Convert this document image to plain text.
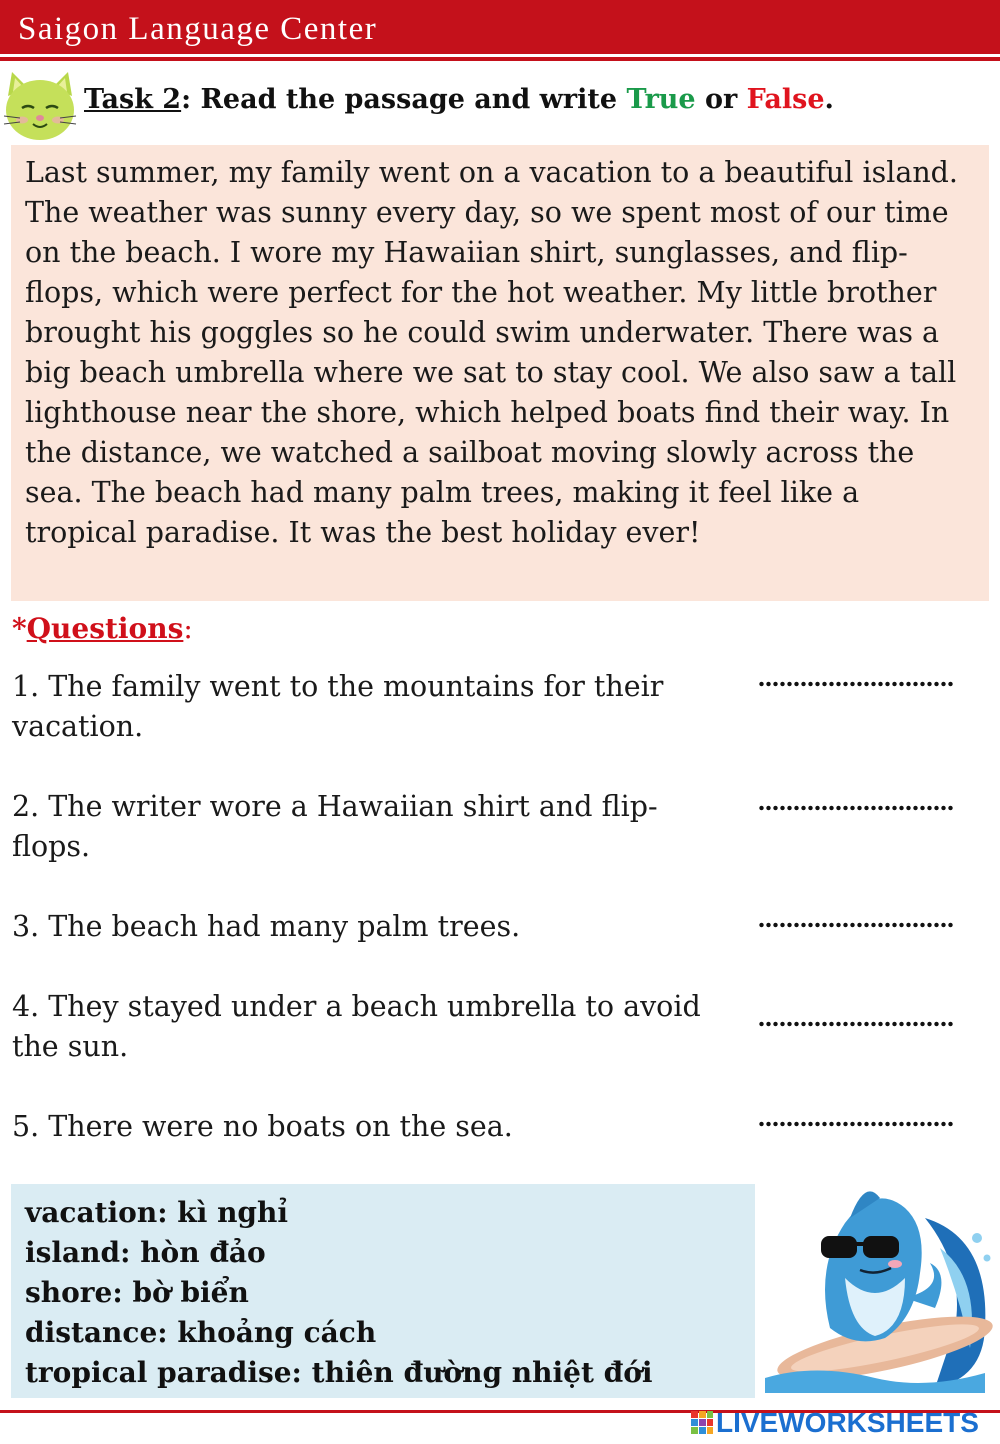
Saigon Language Center
Task 2: Read the passage and write True or False.

Last summer, my family went on a vacation to a beautiful island. The weather was sunny every day, so we spent most of our time on the beach. I wore my Hawaiian shirt, sunglasses, and flip-flops, which were perfect for the hot weather. My little brother brought his goggles so he could swim underwater. There was a big beach umbrella where we sat to stay cool. We also saw a tall lighthouse near the shore, which helped boats find their way. In the distance, we watched a sailboat moving slowly across the sea. The beach had many palm trees, making it feel like a tropical paradise. It was the best holiday ever!

*Questions:
1. The family went to the mountains for their vacation.
2. The writer wore a Hawaiian shirt and flip-flops.
3. The beach had many palm trees.
4. They stayed under a beach umbrella to avoid the sun.
5. There were no boats on the sea.
vacation: kì nghỉ
island: hòn đảo
shore: bờ biển
distance: khoảng cách
tropical paradise: thiên đường nhiệt đới
LIVEWORKSHEETS
